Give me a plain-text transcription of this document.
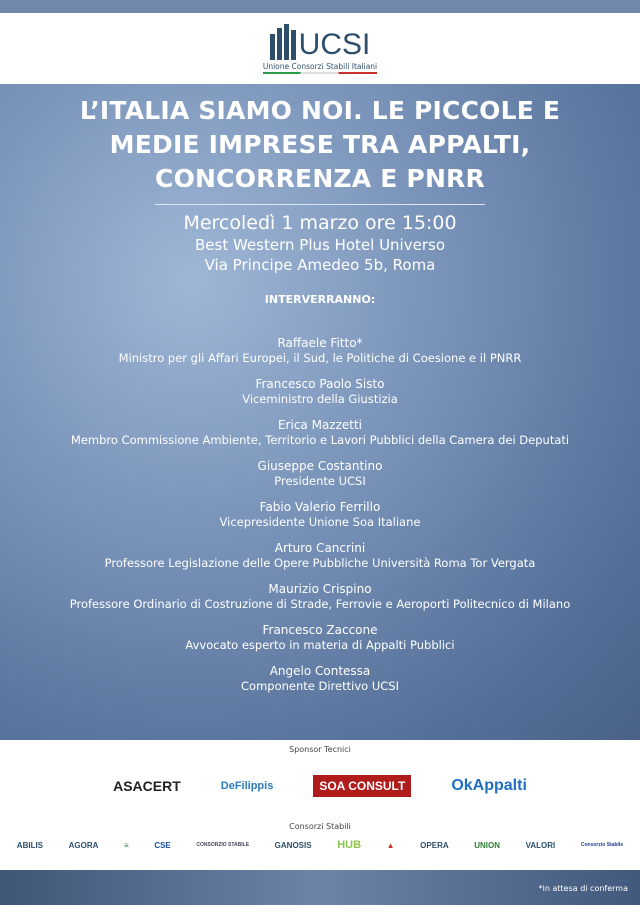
UCSI
Unione Consorzi Stabili Italiani
L’ITALIA SIAMO NOI. LE PICCOLE E MEDIE IMPRESE TRA APPALTI, CONCORRENZA E PNRR
Mercoledì 1 marzo ore 15:00
Best Western Plus Hotel Universo
Via Principe Amedeo 5b, Roma
INTERVERRANNO:
Raffaele Fitto*
Ministro per gli Affari Europei, il Sud, le Politiche di Coesione e il PNRR
Francesco Paolo Sisto
Viceministro della Giustizia
Erica Mazzetti
Membro Commissione Ambiente, Territorio e Lavori Pubblici della Camera dei Deputati
Giuseppe Costantino
Presidente UCSI
Fabio Valerio Ferrillo
Vicepresidente Unione Soa Italiane
Arturo Cancrini
Professore Legislazione delle Opere Pubbliche Università Roma Tor Vergata
Maurizio Crispino
Professore Ordinario di Costruzione di Strade, Ferrovie e Aeroporti Politecnico di Milano
Francesco Zaccone
Avvocato esperto in materia di Appalti Pubblici
Angelo Contessa
Componente Direttivo UCSI
Sponsor Tecnici
ASACERT	DeFilippis	SOA CONSULT	OkAppalti
Consorzi Stabili
ABILIS	AGORA	≡	CSE	CONSORZIO STABILE	GANOSIS HUB	▲	OPERA	UNION	VALORI	Consorzio Stabile
*in attesa di conferma
